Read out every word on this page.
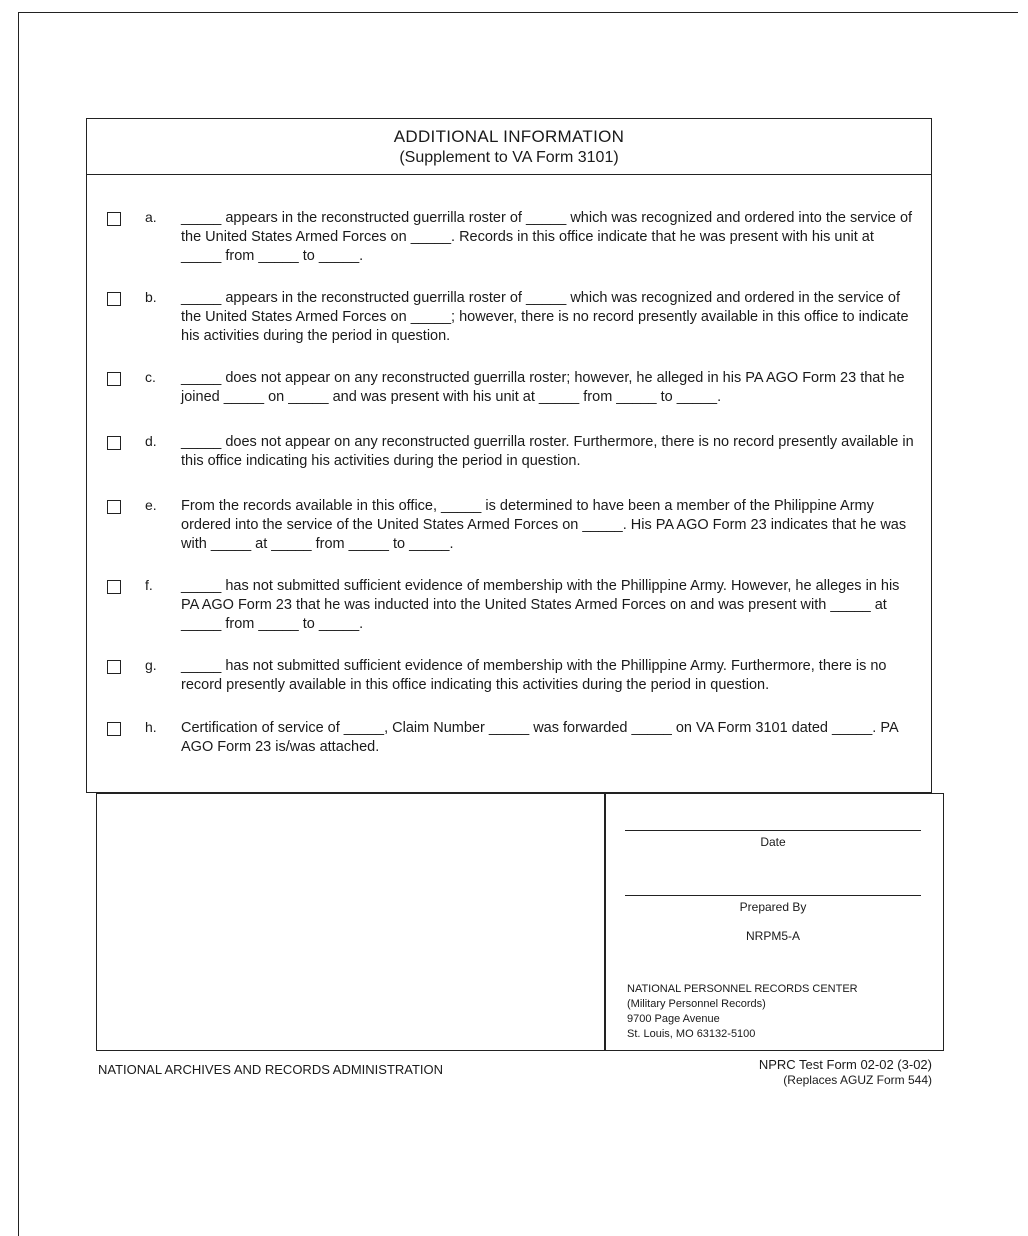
ADDITIONAL INFORMATION
(Supplement to VA Form 3101)
a. _____ appears in the reconstructed guerrilla roster of _____ which was recognized and ordered into the service of the United States Armed Forces on _____. Records in this office indicate that he was present with his unit at _____ from _____ to _____.
b. _____ appears in the reconstructed guerrilla roster of _____ which was recognized and ordered in the service of the United States Armed Forces on _____; however, there is no record presently available in this office to indicate his activities during the period in question.
c. _____ does not appear on any reconstructed guerrilla roster; however, he alleged in his PA AGO Form 23 that he joined _____ on _____ and was present with his unit at _____ from _____ to _____.
d. _____ does not appear on any reconstructed guerrilla roster. Furthermore, there is no record presently available in this office indicating his activities during the period in question.
e. From the records available in this office, _____ is determined to have been a member of the Philippine Army ordered into the service of the United States Armed Forces on _____. His PA AGO Form 23 indicates that he was with _____ at _____ from _____ to _____.
f. _____ has not submitted sufficient evidence of membership with the Phillippine Army. However, he alleges in his PA AGO Form 23 that he was inducted into the United States Armed Forces on and was present with _____ at _____ from _____ to _____.
g. _____ has not submitted sufficient evidence of membership with the Phillippine Army. Furthermore, there is no record presently available in this office indicating this activities during the period in question.
h. Certification of service of _____, Claim Number _____ was forwarded _____ on VA Form 3101 dated _____. PA AGO Form 23 is/was attached.
Date
Prepared By
NRPM5-A
NATIONAL PERSONNEL RECORDS CENTER
(Military Personnel Records)
9700 Page Avenue
St. Louis, MO 63132-5100
NATIONAL ARCHIVES AND RECORDS ADMINISTRATION	NPRC Test Form 02-02 (3-02)
(Replaces AGUZ Form 544)
